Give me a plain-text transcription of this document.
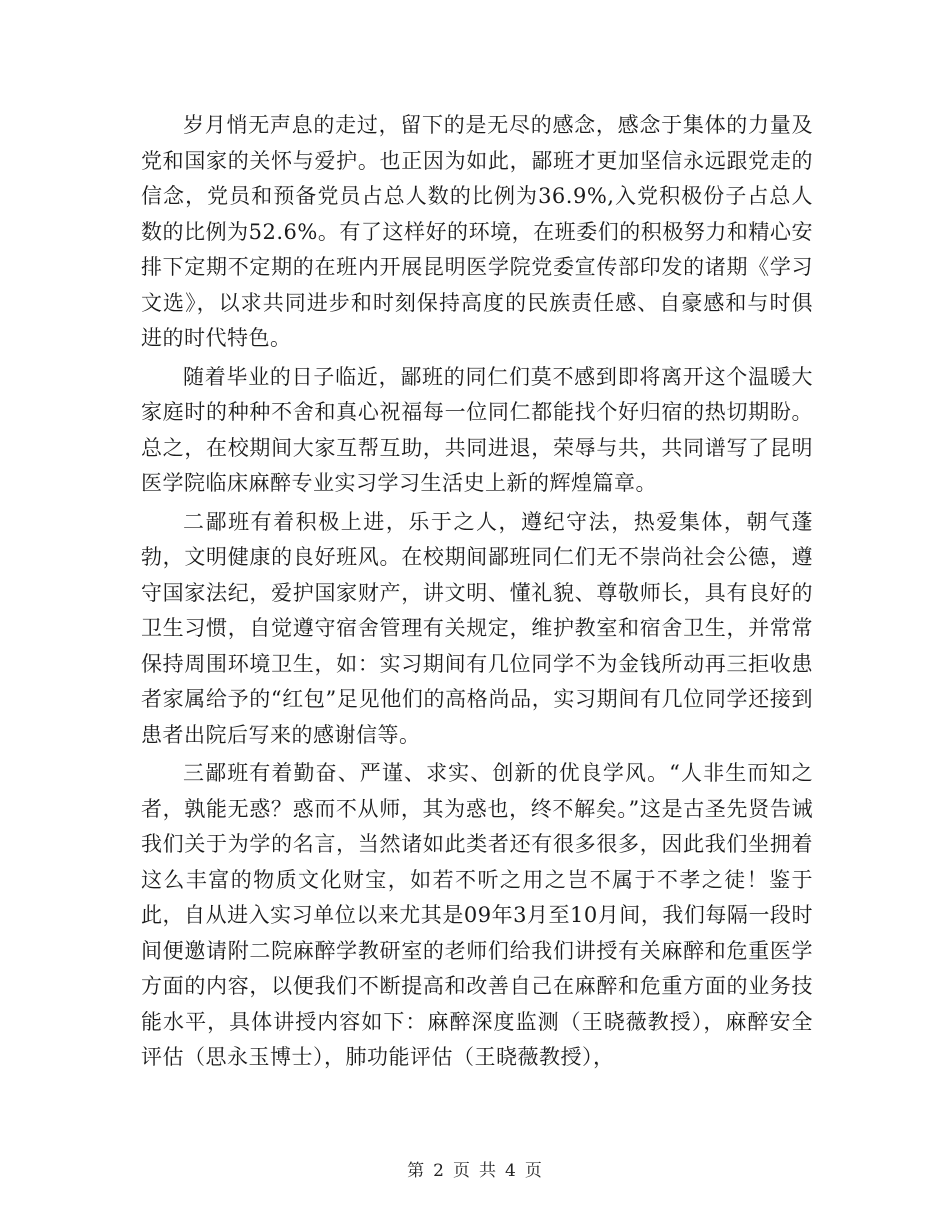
岁月悄无声息的走过，留下的是无尽的感念，感念于集体的力量及党和国家的关怀与爱护。也正因为如此，鄙班才更加坚信永远跟党走的信念，党员和预备党员占总人数的比例为36.9%,入党积极份子占总人数的比例为52.6%。有了这样好的环境，在班委们的积极努力和精心安排下定期不定期的在班内开展昆明医学院党委宣传部印发的诸期《学习文选》，以求共同进步和时刻保持高度的民族责任感、自豪感和与时俱进的时代特色。

随着毕业的日子临近，鄙班的同仁们莫不感到即将离开这个温暖大家庭时的种种不舍和真心祝福每一位同仁都能找个好归宿的热切期盼。总之，在校期间大家互帮互助，共同进退，荣辱与共，共同谱写了昆明医学院临床麻醉专业实习学习生活史上新的辉煌篇章。

二鄙班有着积极上进，乐于之人，遵纪守法，热爱集体，朝气蓬勃，文明健康的良好班风。在校期间鄙班同仁们无不崇尚社会公德，遵守国家法纪，爱护国家财产，讲文明、懂礼貌、尊敬师长，具有良好的卫生习惯，自觉遵守宿舍管理有关规定，维护教室和宿舍卫生，并常常保持周围环境卫生，如：实习期间有几位同学不为金钱所动再三拒收患者家属给予的“红包”足见他们的高格尚品，实习期间有几位同学还接到患者出院后写来的感谢信等。

三鄙班有着勤奋、严谨、求实、创新的优良学风。“人非生而知之者，孰能无惑？惑而不从师，其为惑也，终不解矣。”这是古圣先贤告诫我们关于为学的名言，当然诸如此类者还有很多很多，因此我们坐拥着这么丰富的物质文化财宝，如若不听之用之岂不属于不孝之徒！鉴于此，自从进入实习单位以来尤其是09年3月至10月间，我们每隔一段时间便邀请附二院麻醉学教研室的老师们给我们讲授有关麻醉和危重医学方面的内容，以便我们不断提高和改善自己在麻醉和危重方面的业务技能水平，具体讲授内容如下：麻醉深度监测（王晓薇教授），麻醉安全评估（思永玉博士），肺功能评估（王晓薇教授），

第 2 页 共 4 页
